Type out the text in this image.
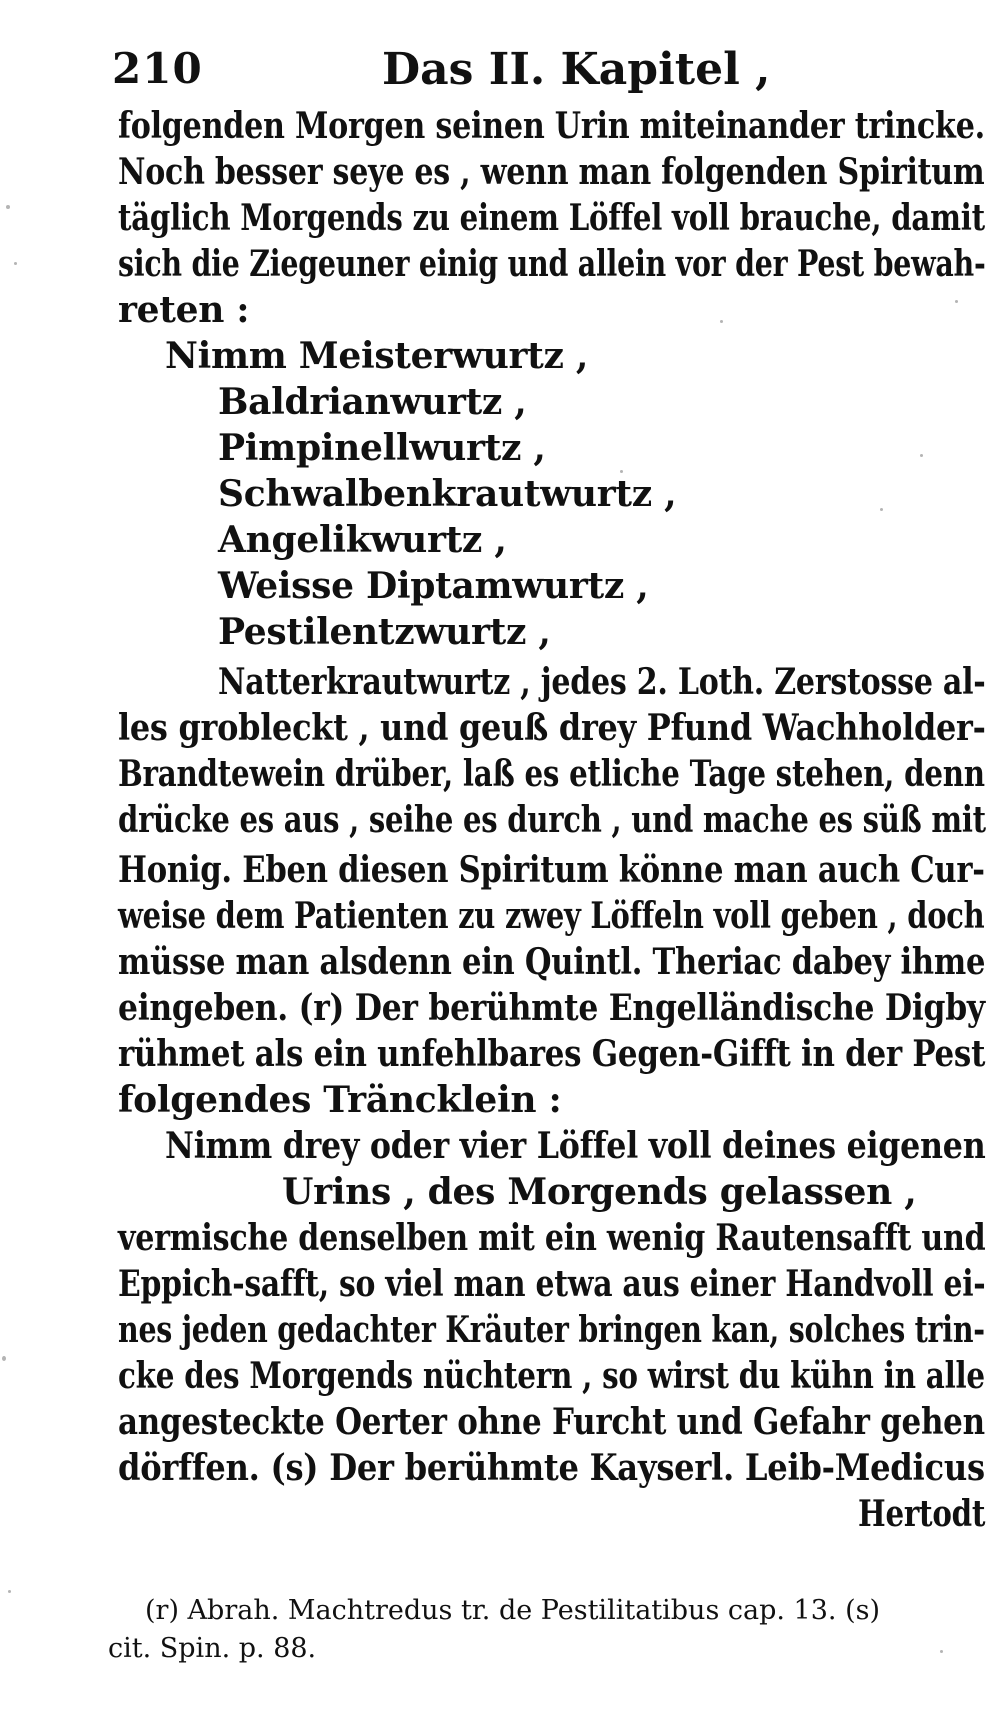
210	Das II. Kapitel ,
folgenden Morgen seinen Urin miteinander trincke.
Noch besser seye es , wenn man folgenden Spiritum
täglich Morgends zu einem Löffel voll brauche, damit
sich die Ziegeuner einig und allein vor der Pest bewah-
reten :
Nimm Meisterwurtz ,
Baldrianwurtz ,
Pimpinellwurtz ,
Schwalbenkrautwurtz ,
Angelikwurtz ,
Weisse Diptamwurtz ,
Pestilentzwurtz ,
Natterkrautwurtz , jedes 2. Loth. Zerstosse al-
les grobleckt , und geuß drey Pfund Wachholder-
Brandtewein drüber, laß es etliche Tage stehen, denn
drücke es aus , seihe es durch , und mache es süß mit
Honig. Eben diesen Spiritum könne man auch Cur-
weise dem Patienten zu zwey Löffeln voll geben , doch
müsse man alsdenn ein Quintl. Theriac dabey ihme
eingeben. (r) Der berühmte Engelländische Digby
rühmet als ein unfehlbares Gegen-Gifft in der Pest
folgendes Träncklein :
Nimm drey oder vier Löffel voll deines eigenen
Urins , des Morgends gelassen ,
vermische denselben mit ein wenig Rautensafft und
Eppich-safft, so viel man etwa aus einer Handvoll ei-
nes jeden gedachter Kräuter bringen kan, solches trin-
cke des Morgends nüchtern , so wirst du kühn in alle
angesteckte Oerter ohne Furcht und Gefahr gehen
dörffen. (s) Der berühmte Kayserl. Leib-Medicus
Hertodt
(r) Abrah. Machtredus tr. de Pestilitatibus cap. 13. (s)
cit. Spin. p. 88.
